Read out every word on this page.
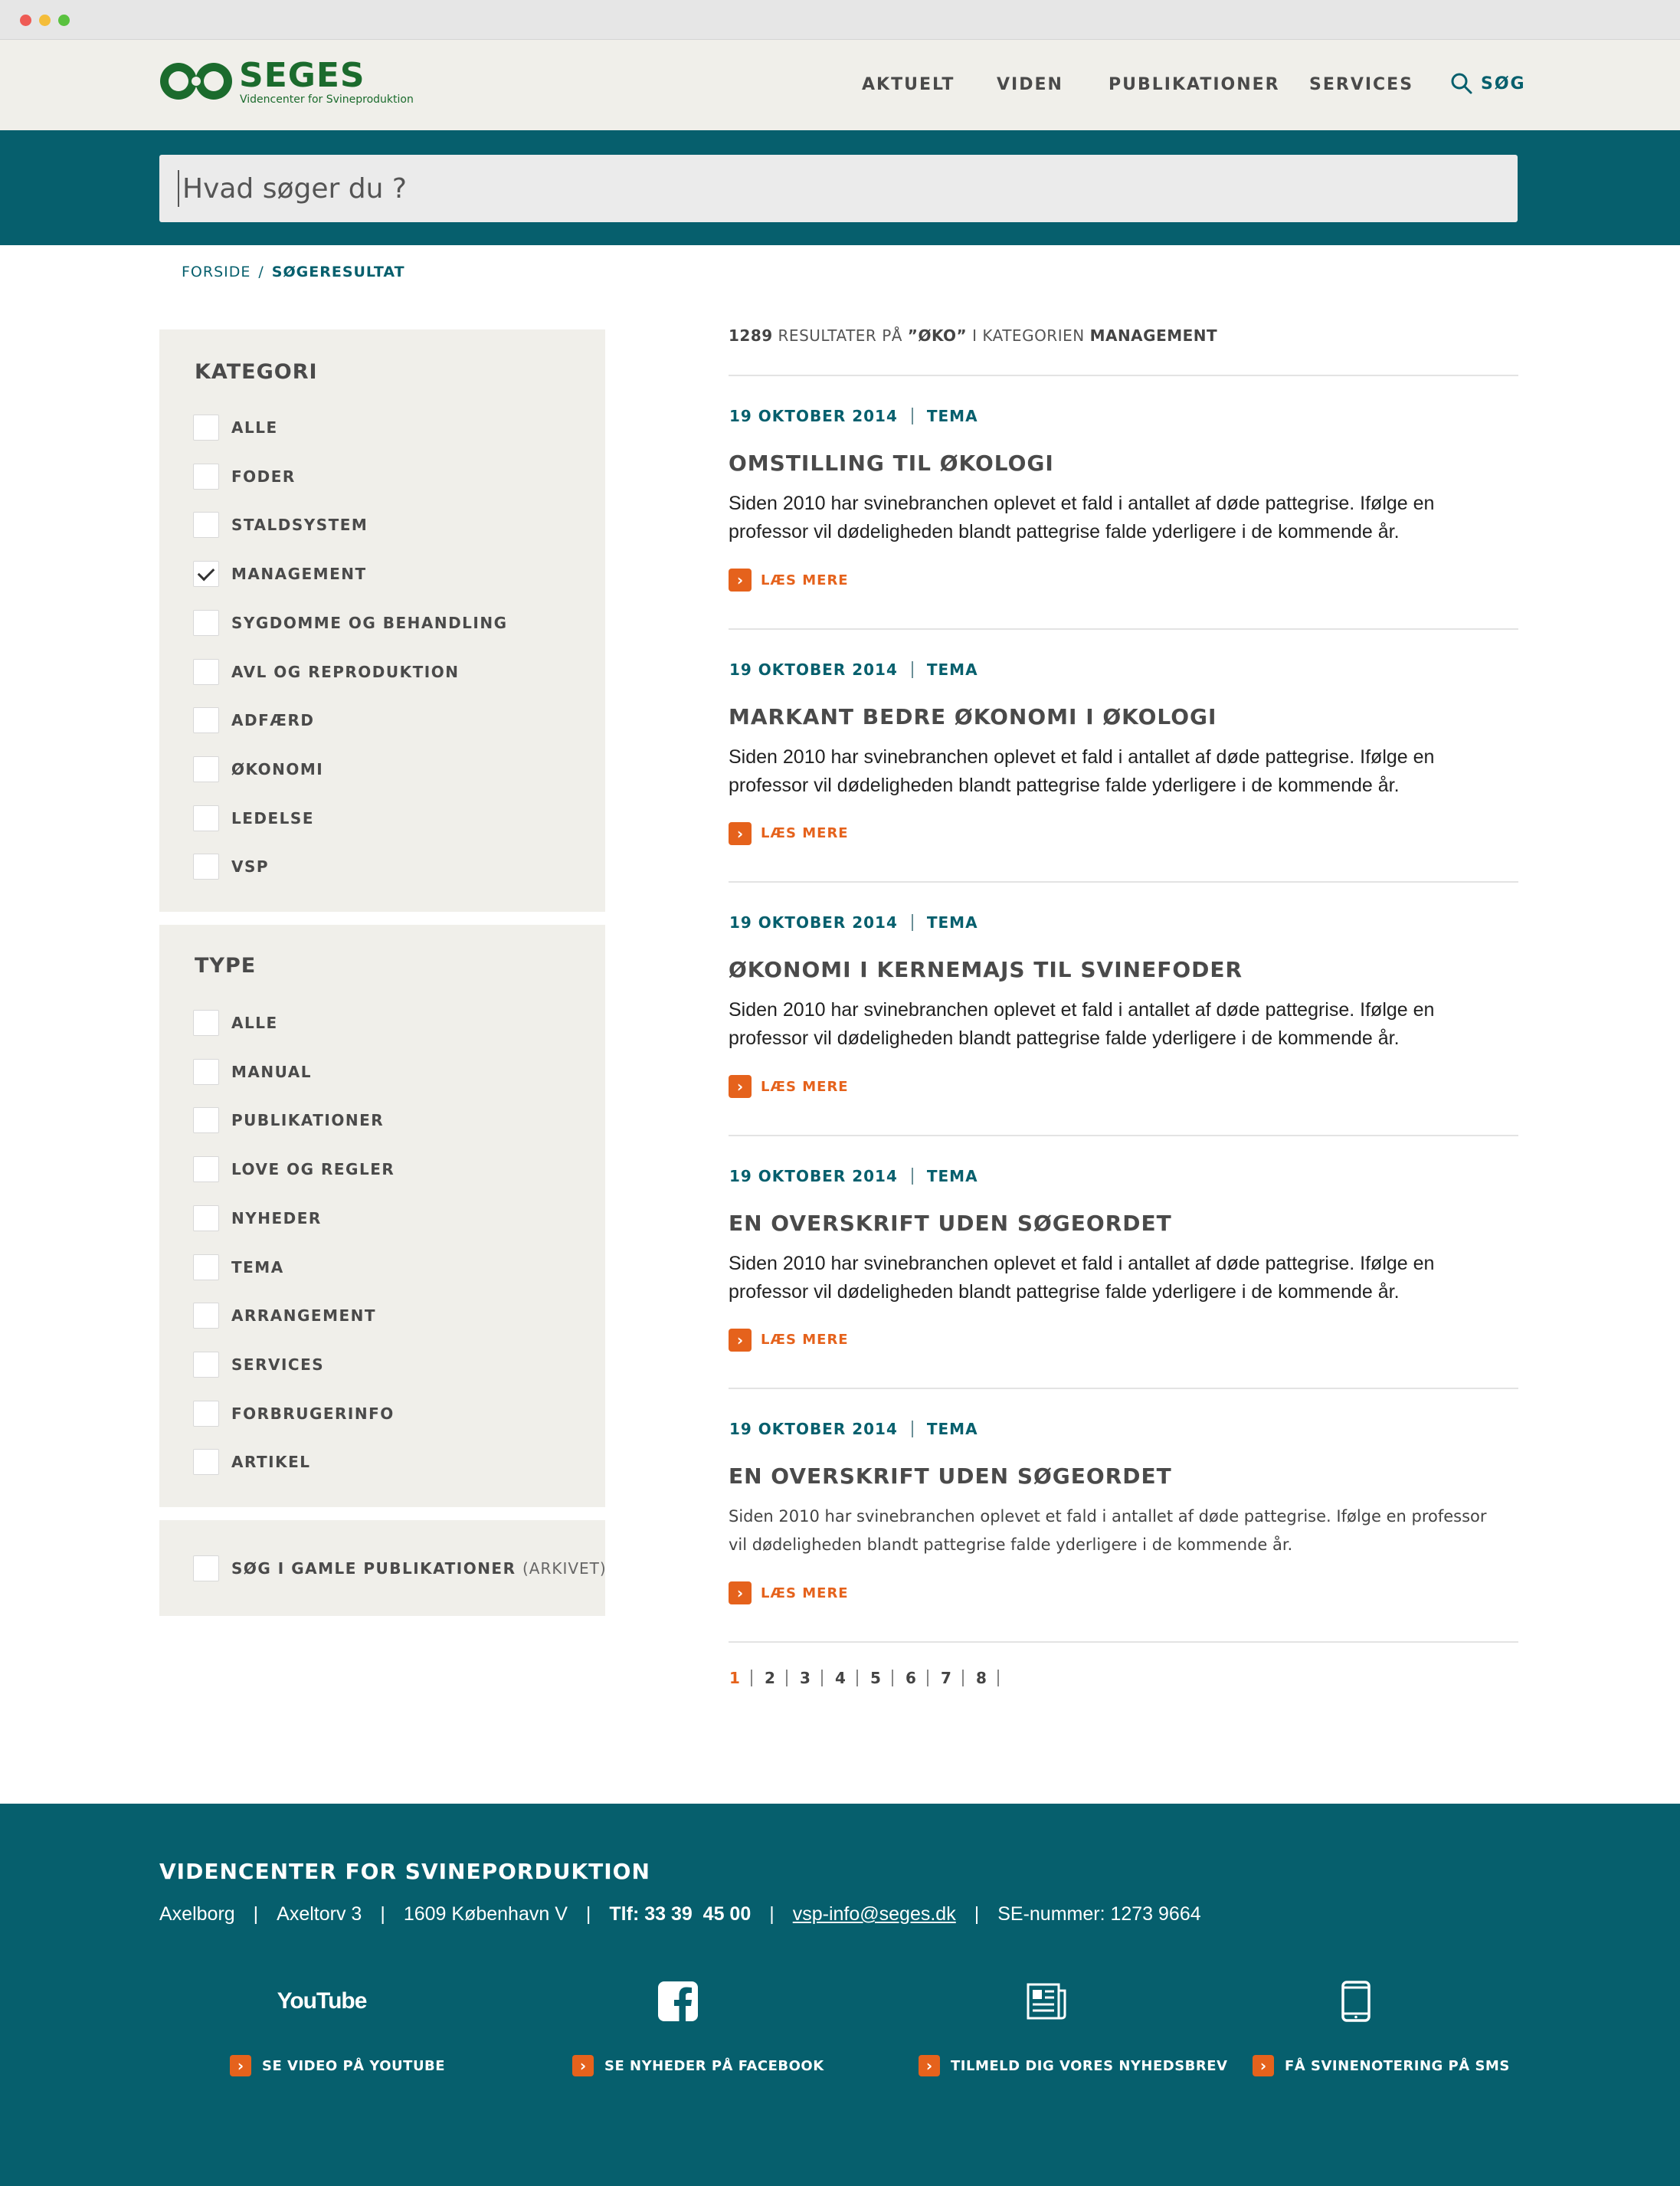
SEGES
Videncenter for Svineproduktion
AKTUELT VIDEN	PUBLIKATIONER SERVICES	SØG
Hvad søger du ?
FORSIDE / SØGERESULTAT
KATEGORI
ALLE
FODER
STALDSYSTEM
MANAGEMENT
SYGDOMME OG BEHANDLING
AVL OG REPRODUKTION
ADFÆRD
ØKONOMI
LEDELSE
VSP
TYPE
ALLE
MANUAL
PUBLIKATIONER
LOVE OG REGLER
NYHEDER
TEMA
ARRANGEMENT
SERVICES
FORBRUGERINFO
ARTIKEL
SØG I GAMLE PUBLIKATIONER (ARKIVET)
1289 RESULTATER PÅ ”ØKO” I KATEGORIEN MANAGEMENT
19 OKTOBER 2014 TEMA
OMSTILLING TIL ØKOLOGI
Siden 2010 har svinebranchen oplevet et fald i antallet af døde pattegrise. Ifølge en professor vil dødeligheden blandt pattegrise falde yderligere i de kommende år.
›	LÆS MERE
19 OKTOBER 2014 TEMA
MARKANT BEDRE ØKONOMI I ØKOLOGI
Siden 2010 har svinebranchen oplevet et fald i antallet af døde pattegrise. Ifølge en professor vil dødeligheden blandt pattegrise falde yderligere i de kommende år.
›	LÆS MERE
19 OKTOBER 2014 TEMA
ØKONOMI I KERNEMAJS TIL SVINEFODER
Siden 2010 har svinebranchen oplevet et fald i antallet af døde pattegrise. Ifølge en professor vil dødeligheden blandt pattegrise falde yderligere i de kommende år.
›	LÆS MERE
19 OKTOBER 2014 TEMA
EN OVERSKRIFT UDEN SØGEORDET
Siden 2010 har svinebranchen oplevet et fald i antallet af døde pattegrise. Ifølge en professor vil dødeligheden blandt pattegrise falde yderligere i de kommende år.
›	LÆS MERE
19 OKTOBER 2014 TEMA
EN OVERSKRIFT UDEN SØGEORDET
Siden 2010 har svinebranchen oplevet et fald i antallet af døde pattegrise. Ifølge en professor vil dødeligheden blandt pattegrise falde yderligere i de kommende år.
›	LÆS MERE
1	2	3	4	5	6	7	8
VIDENCENTER FOR SVINEPORDUKTION
Axelborg | Axeltorv 3 | 1609 København V | Tlf: 33 39  45 00 | vsp-info@seges.dk | SE-nummer: 1273 9664
YouTube
›	SE VIDEO PÅ YOUTUBE	›	SE NYHEDER PÅ FACEBOOK	›	TILMELD DIG VORES NYHEDSBREV	›	FÅ SVINENOTERING PÅ SMS
